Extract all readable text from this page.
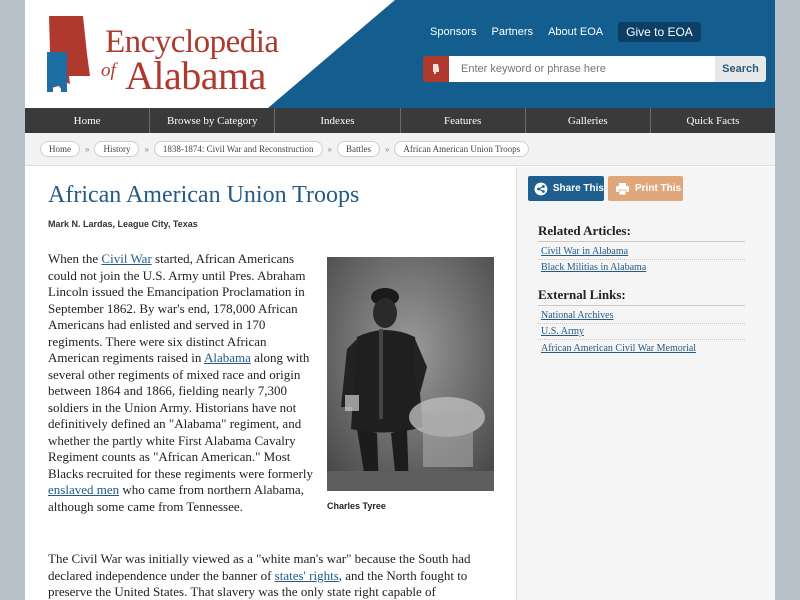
Encyclopedia
of Alabama
Sponsors Partners About EOA	Give to EOA
Enter keyword or phrase here
Search
Home	Browse by Category	Indexes	Features	Galleries	Quick Facts
Home	»	History	»	1838-1874: Civil War and Reconstruction	»	Battles	»	African American Union Troops
African American Union Troops
Mark N. Lardas, League City, Texas

When the Civil War started, African Americans could not join the U.S. Army until Pres. Abraham Lincoln issued the Emancipation Proclamation in September 1862. By war's end, 178,000 African Americans had enlisted and served in 170 regiments. There were six distinct African American regiments raised in Alabama along with several other regiments of mixed race and origin between 1864 and 1866, fielding nearly 7,300 soldiers in the Union Army. Historians have not definitively defined an "Alabama" regiment, and whether the partly white First Alabama Cavalry Regiment counts as "African American." Most Blacks recruited for these regiments were formerly enslaved men who came from northern Alabama, although some came from Tennessee.	Charles Tyree

The Civil War was initially viewed as a "white man's war" because the South had declared independence under the banner of states' rights, and the North fought to preserve the United States. That slavery was the only state right capable of

Share This	Print This
Related Articles:
Civil War in Alabama
Black Militias in Alabama
External Links:
National Archives
U.S. Army
African American Civil War Memorial
